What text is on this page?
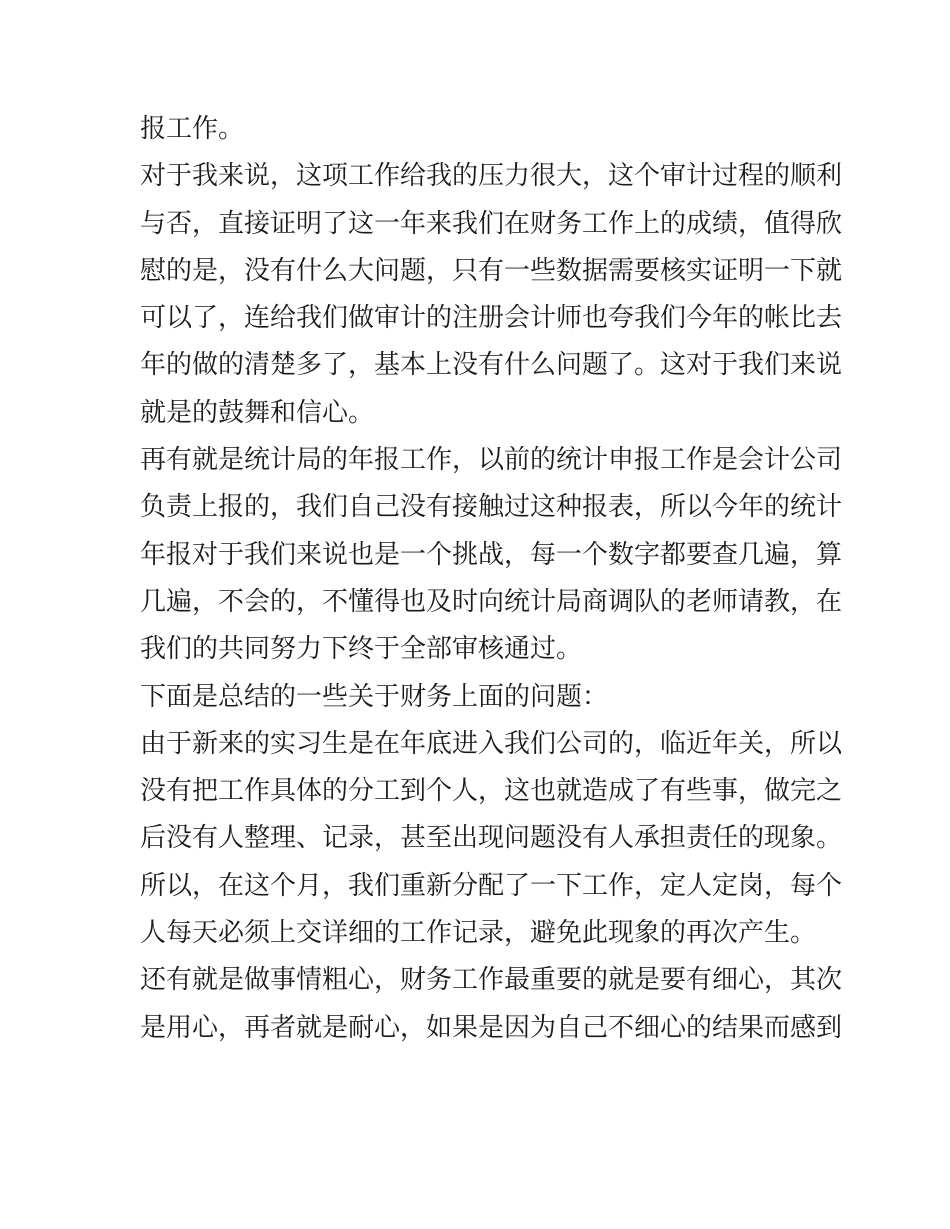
报工作。
对于我来说，这项工作给我的压力很大，这个审计过程的顺利
与否，直接证明了这一年来我们在财务工作上的成绩，值得欣
慰的是，没有什么大问题，只有一些数据需要核实证明一下就
可以了，连给我们做审计的注册会计师也夸我们今年的帐比去
年的做的清楚多了，基本上没有什么问题了。这对于我们来说
就是的鼓舞和信心。
再有就是统计局的年报工作，以前的统计申报工作是会计公司
负责上报的，我们自己没有接触过这种报表，所以今年的统计
年报对于我们来说也是一个挑战，每一个数字都要查几遍，算
几遍，不会的，不懂得也及时向统计局商调队的老师请教，在
我们的共同努力下终于全部审核通过。
下面是总结的一些关于财务上面的问题：
由于新来的实习生是在年底进入我们公司的，临近年关，所以
没有把工作具体的分工到个人，这也就造成了有些事，做完之
后没有人整理、记录，甚至出现问题没有人承担责任的现象。
所以，在这个月，我们重新分配了一下工作，定人定岗，每个
人每天必须上交详细的工作记录，避免此现象的再次产生。
还有就是做事情粗心，财务工作最重要的就是要有细心，其次
是用心，再者就是耐心，如果是因为自己不细心的结果而感到
